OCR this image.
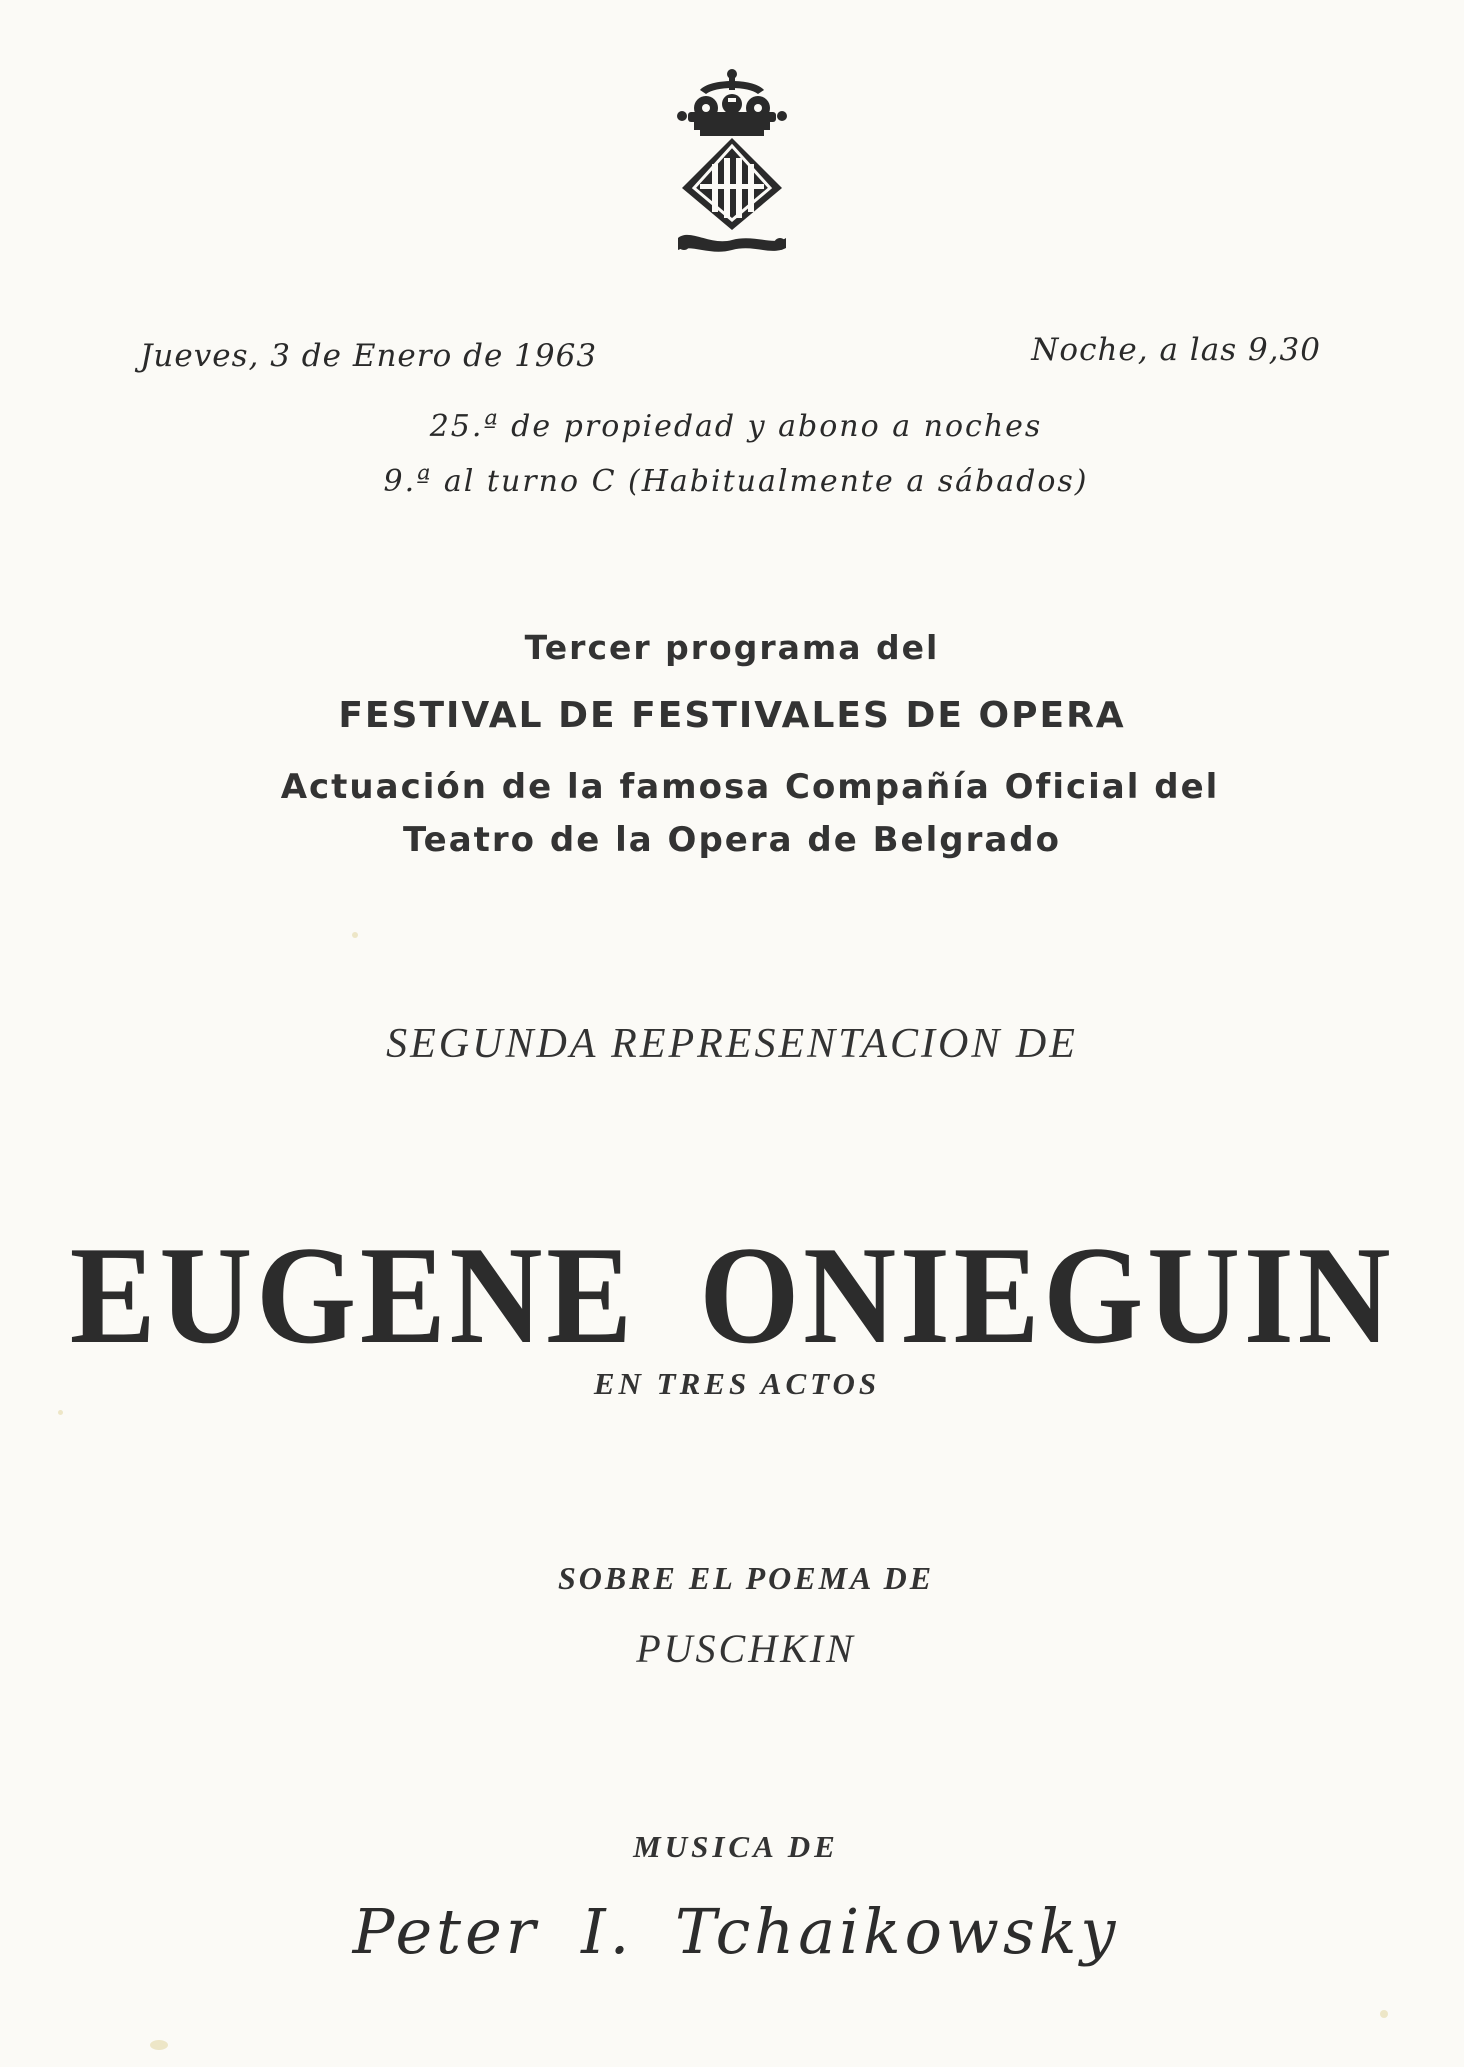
Jueves, 3 de Enero de 1963	Noche, a las 9,30
25.ª de propiedad y abono a noches
9.ª al turno C (Habitualmente a sábados)
Tercer programa del
FESTIVAL DE FESTIVALES DE OPERA
Actuación de la famosa Compañía Oficial del
Teatro de la Opera de Belgrado
SEGUNDA REPRESENTACION DE
EUGENE ONIEGUIN
EN TRES ACTOS
SOBRE EL POEMA DE
PUSCHKIN
MUSICA DE
Peter I. Tchaikowsky
